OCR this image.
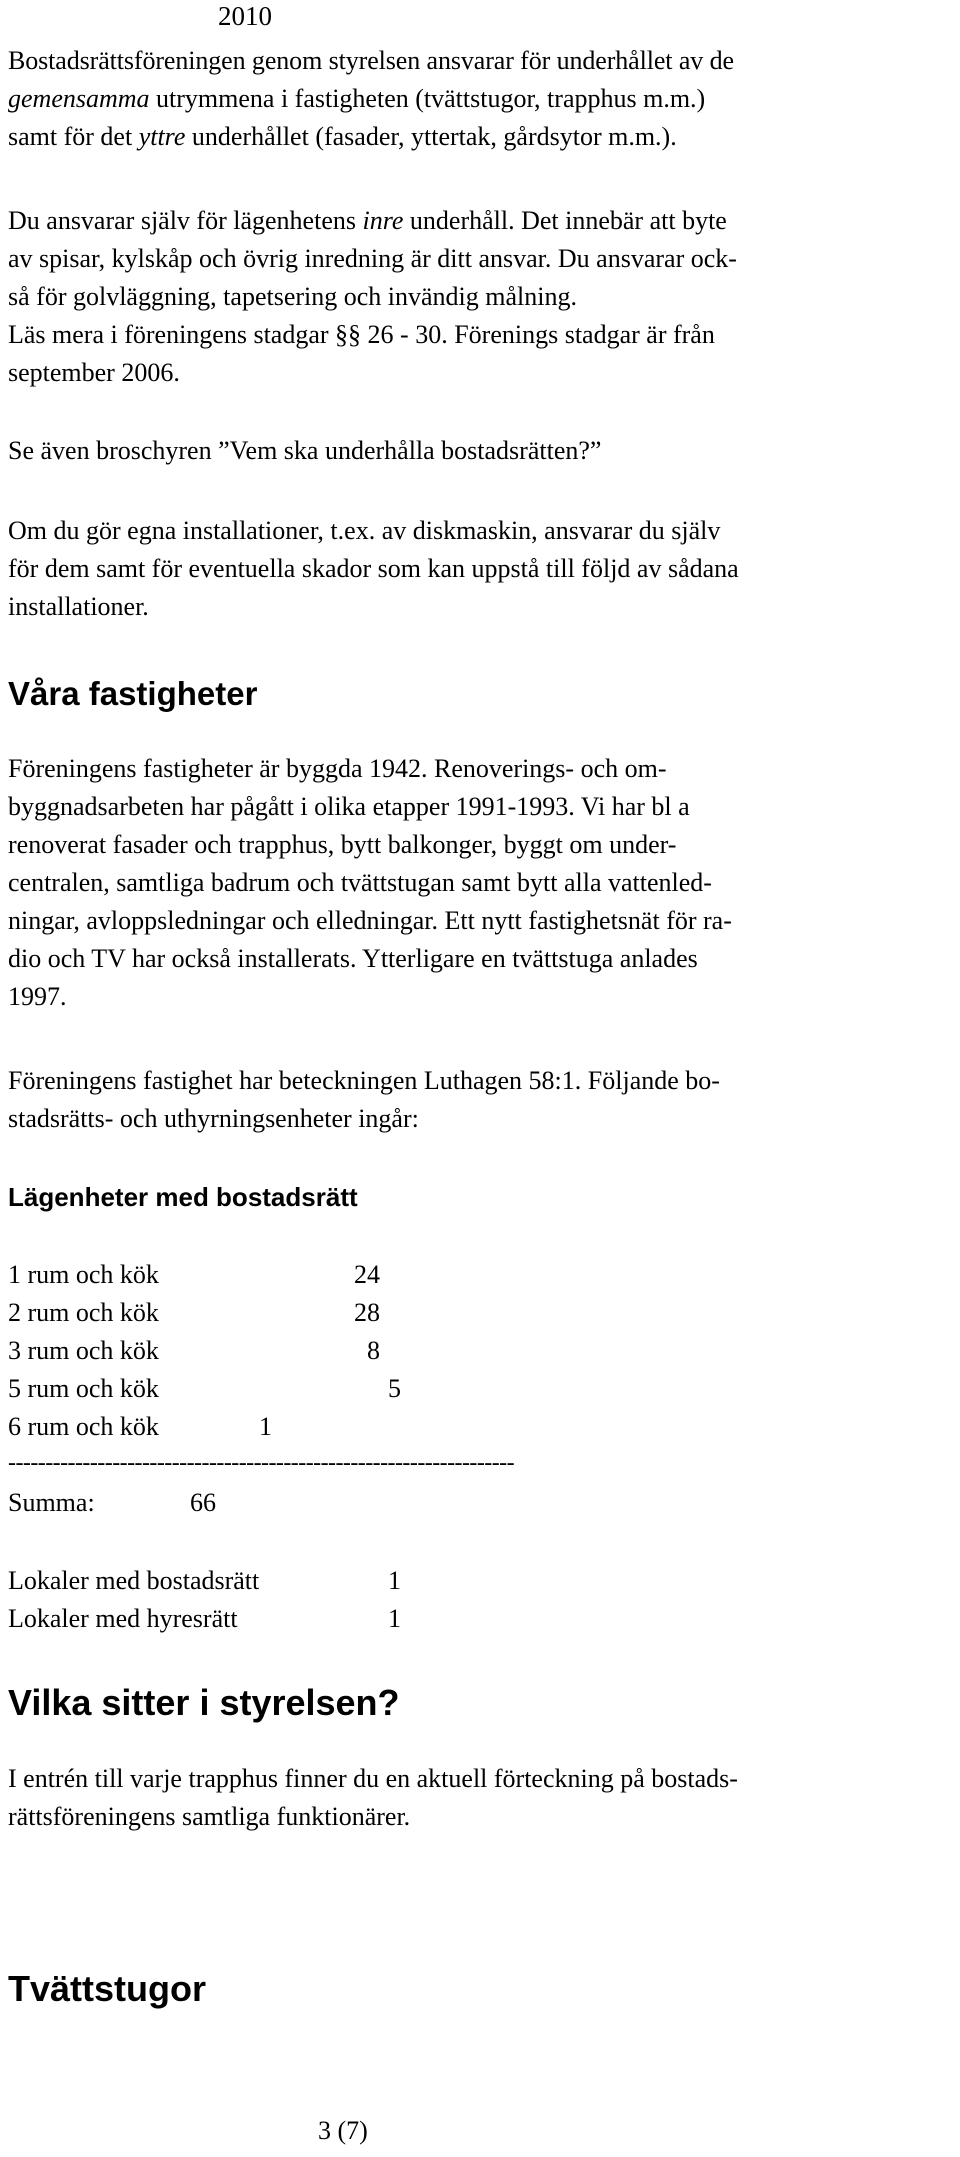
2010
Bostadsrättsföreningen genom styrelsen ansvarar för underhållet av de
gemensamma utrymmena i fastigheten (tvättstugor, trapphus m.m.)
samt för det yttre underhållet (fasader, yttertak, gårdsytor m.m.).
Du ansvarar själv för lägenhetens inre underhåll. Det innebär att byte
av spisar, kylskåp och övrig inredning är ditt ansvar. Du ansvarar ock-
så för golvläggning, tapetsering och invändig målning.
Läs mera i föreningens stadgar §§ 26 - 30. Förenings stadgar är från
september 2006.
Se även broschyren ”Vem ska underhålla bostadsrätten?”
Om du gör egna installationer, t.ex. av diskmaskin, ansvarar du själv
för dem samt för eventuella skador som kan uppstå till följd av sådana
installationer.
Våra fastigheter
Föreningens fastigheter är byggda 1942. Renoverings- och om-
byggnadsarbeten har pågått i olika etapper 1991-1993. Vi har bl a
renoverat fasader och trapphus, bytt balkonger, byggt om under-
centralen, samtliga badrum och tvättstugan samt bytt alla vattenled-
ningar, avloppsledningar och elledningar. Ett nytt fastighetsnät för ra-
dio och TV har också installerats. Ytterligare en tvättstuga anlades
1997.
Föreningens fastighet har beteckningen Luthagen 58:1. Följande bo-
stadsrätts- och uthyrningsenheter ingår:
Lägenheter med bostadsrätt
1 rum och kök	24
2 rum och kök	28
3 rum och kök	8
5 rum och kök	5
6 rum och kök	1
--------------------------------------------------------------------
Summa:	66
Lokaler med bostadsrätt	1
Lokaler med hyresrätt	1
Vilka sitter i styrelsen?
I entrén till varje trapphus finner du en aktuell förteckning på bostads-
rättsföreningens samtliga funktionärer.
Tvättstugor
3 (7)
